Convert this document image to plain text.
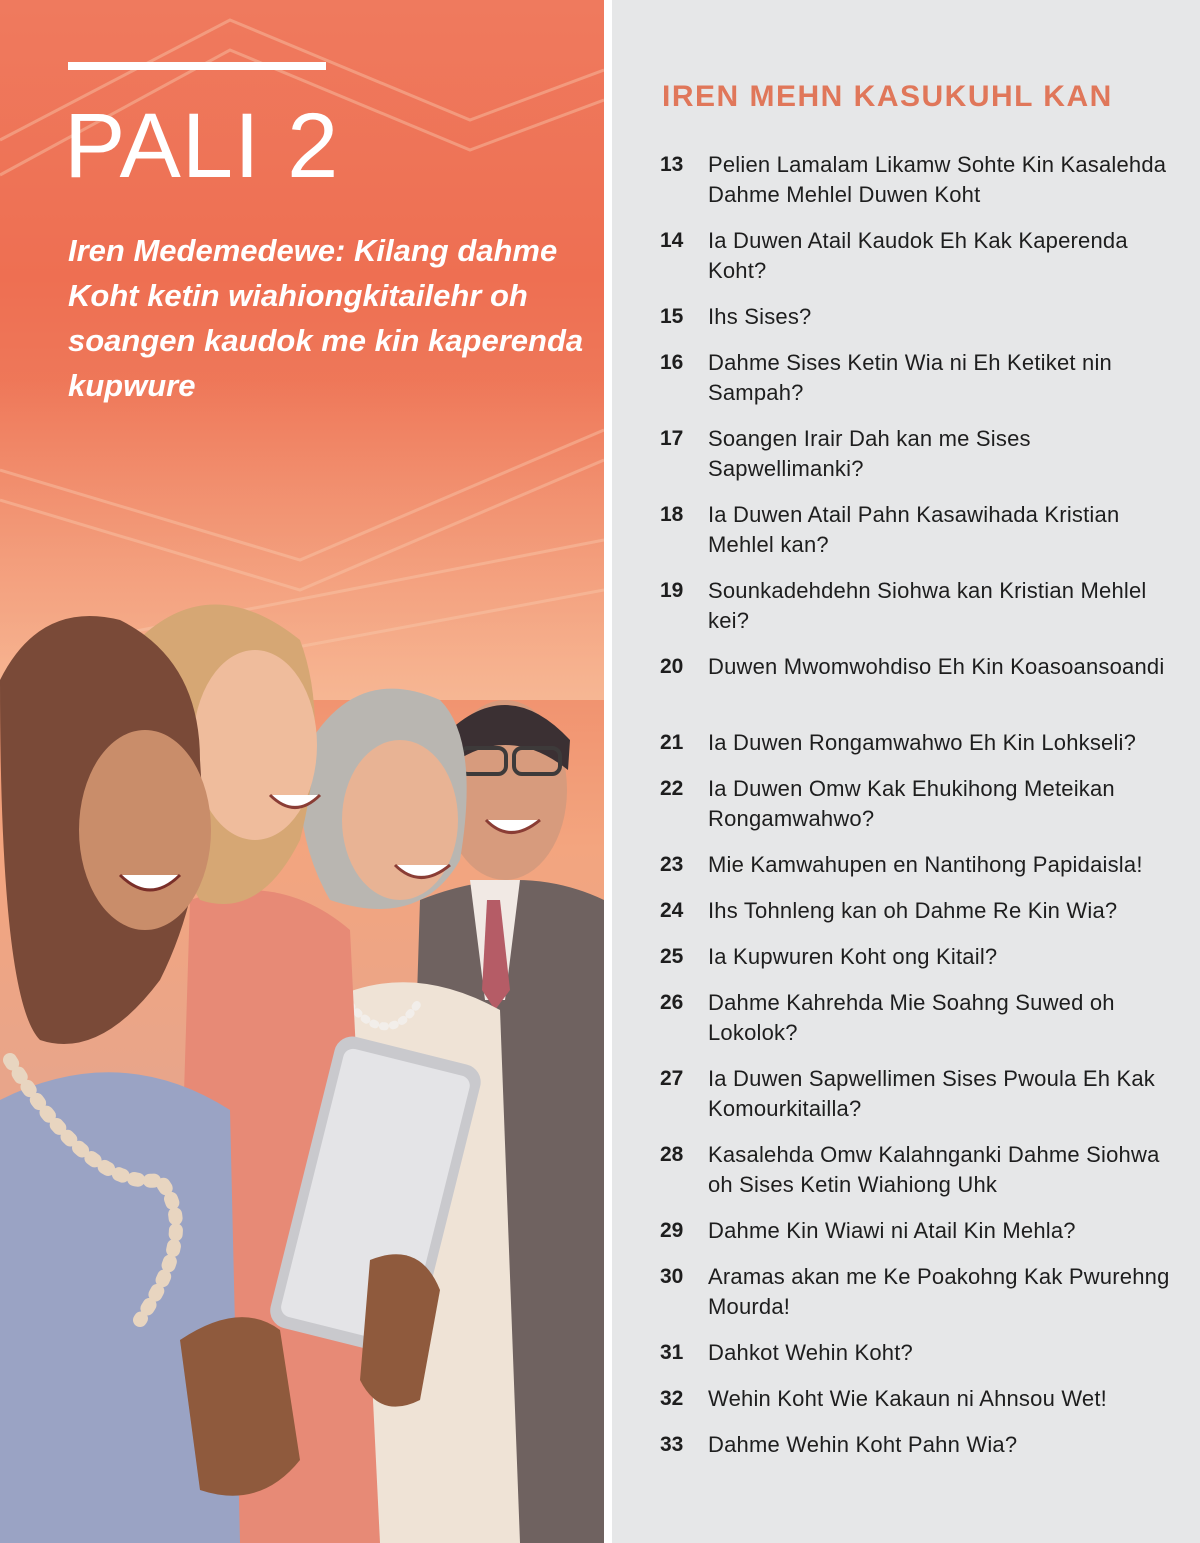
PALI 2

Iren Medemedewe: Kilang dahme Koht ketin wiahiongkitailehr oh soangen kaudok me kin kaperenda kupwure

IREN MEHN KASUKUHL KAN
13	Pelien Lamalam Likamw Sohte Kin Kasalehda Dahme Mehlel Duwen Koht
14	Ia Duwen Atail Kaudok Eh Kak Kaperenda Koht?
15	Ihs Sises?
16	Dahme Sises Ketin Wia ni Eh Ketiket nin Sampah?
17	Soangen Irair Dah kan me Sises Sapwellimanki?
18	Ia Duwen Atail Pahn Kasawihada Kristian Mehlel kan?
19	Sounkadehdehn Siohwa kan Kristian Mehlel kei?
20	Duwen Mwomwohdiso Eh Kin Koasoansoandi
21	Ia Duwen Rongamwahwo Eh Kin Lohkseli?
22	Ia Duwen Omw Kak Ehukihong Meteikan Rongamwahwo?
23	Mie Kamwahupen en Nantihong Papidaisla!
24	Ihs Tohnleng kan oh Dahme Re Kin Wia?
25	Ia Kupwuren Koht ong Kitail?
26	Dahme Kahrehda Mie Soahng Suwed oh Lokolok?
27	Ia Duwen Sapwellimen Sises Pwoula Eh Kak Komourkitailla?
28	Kasalehda Omw Kalahnganki Dahme Siohwa oh Sises Ketin Wiahiong Uhk
29	Dahme Kin Wiawi ni Atail Kin Mehla?
30	Aramas akan me Ke Poakohng Kak Pwurehng Mourda!
31	Dahkot Wehin Koht?
32	Wehin Koht Wie Kakaun ni Ahnsou Wet!
33	Dahme Wehin Koht Pahn Wia?
